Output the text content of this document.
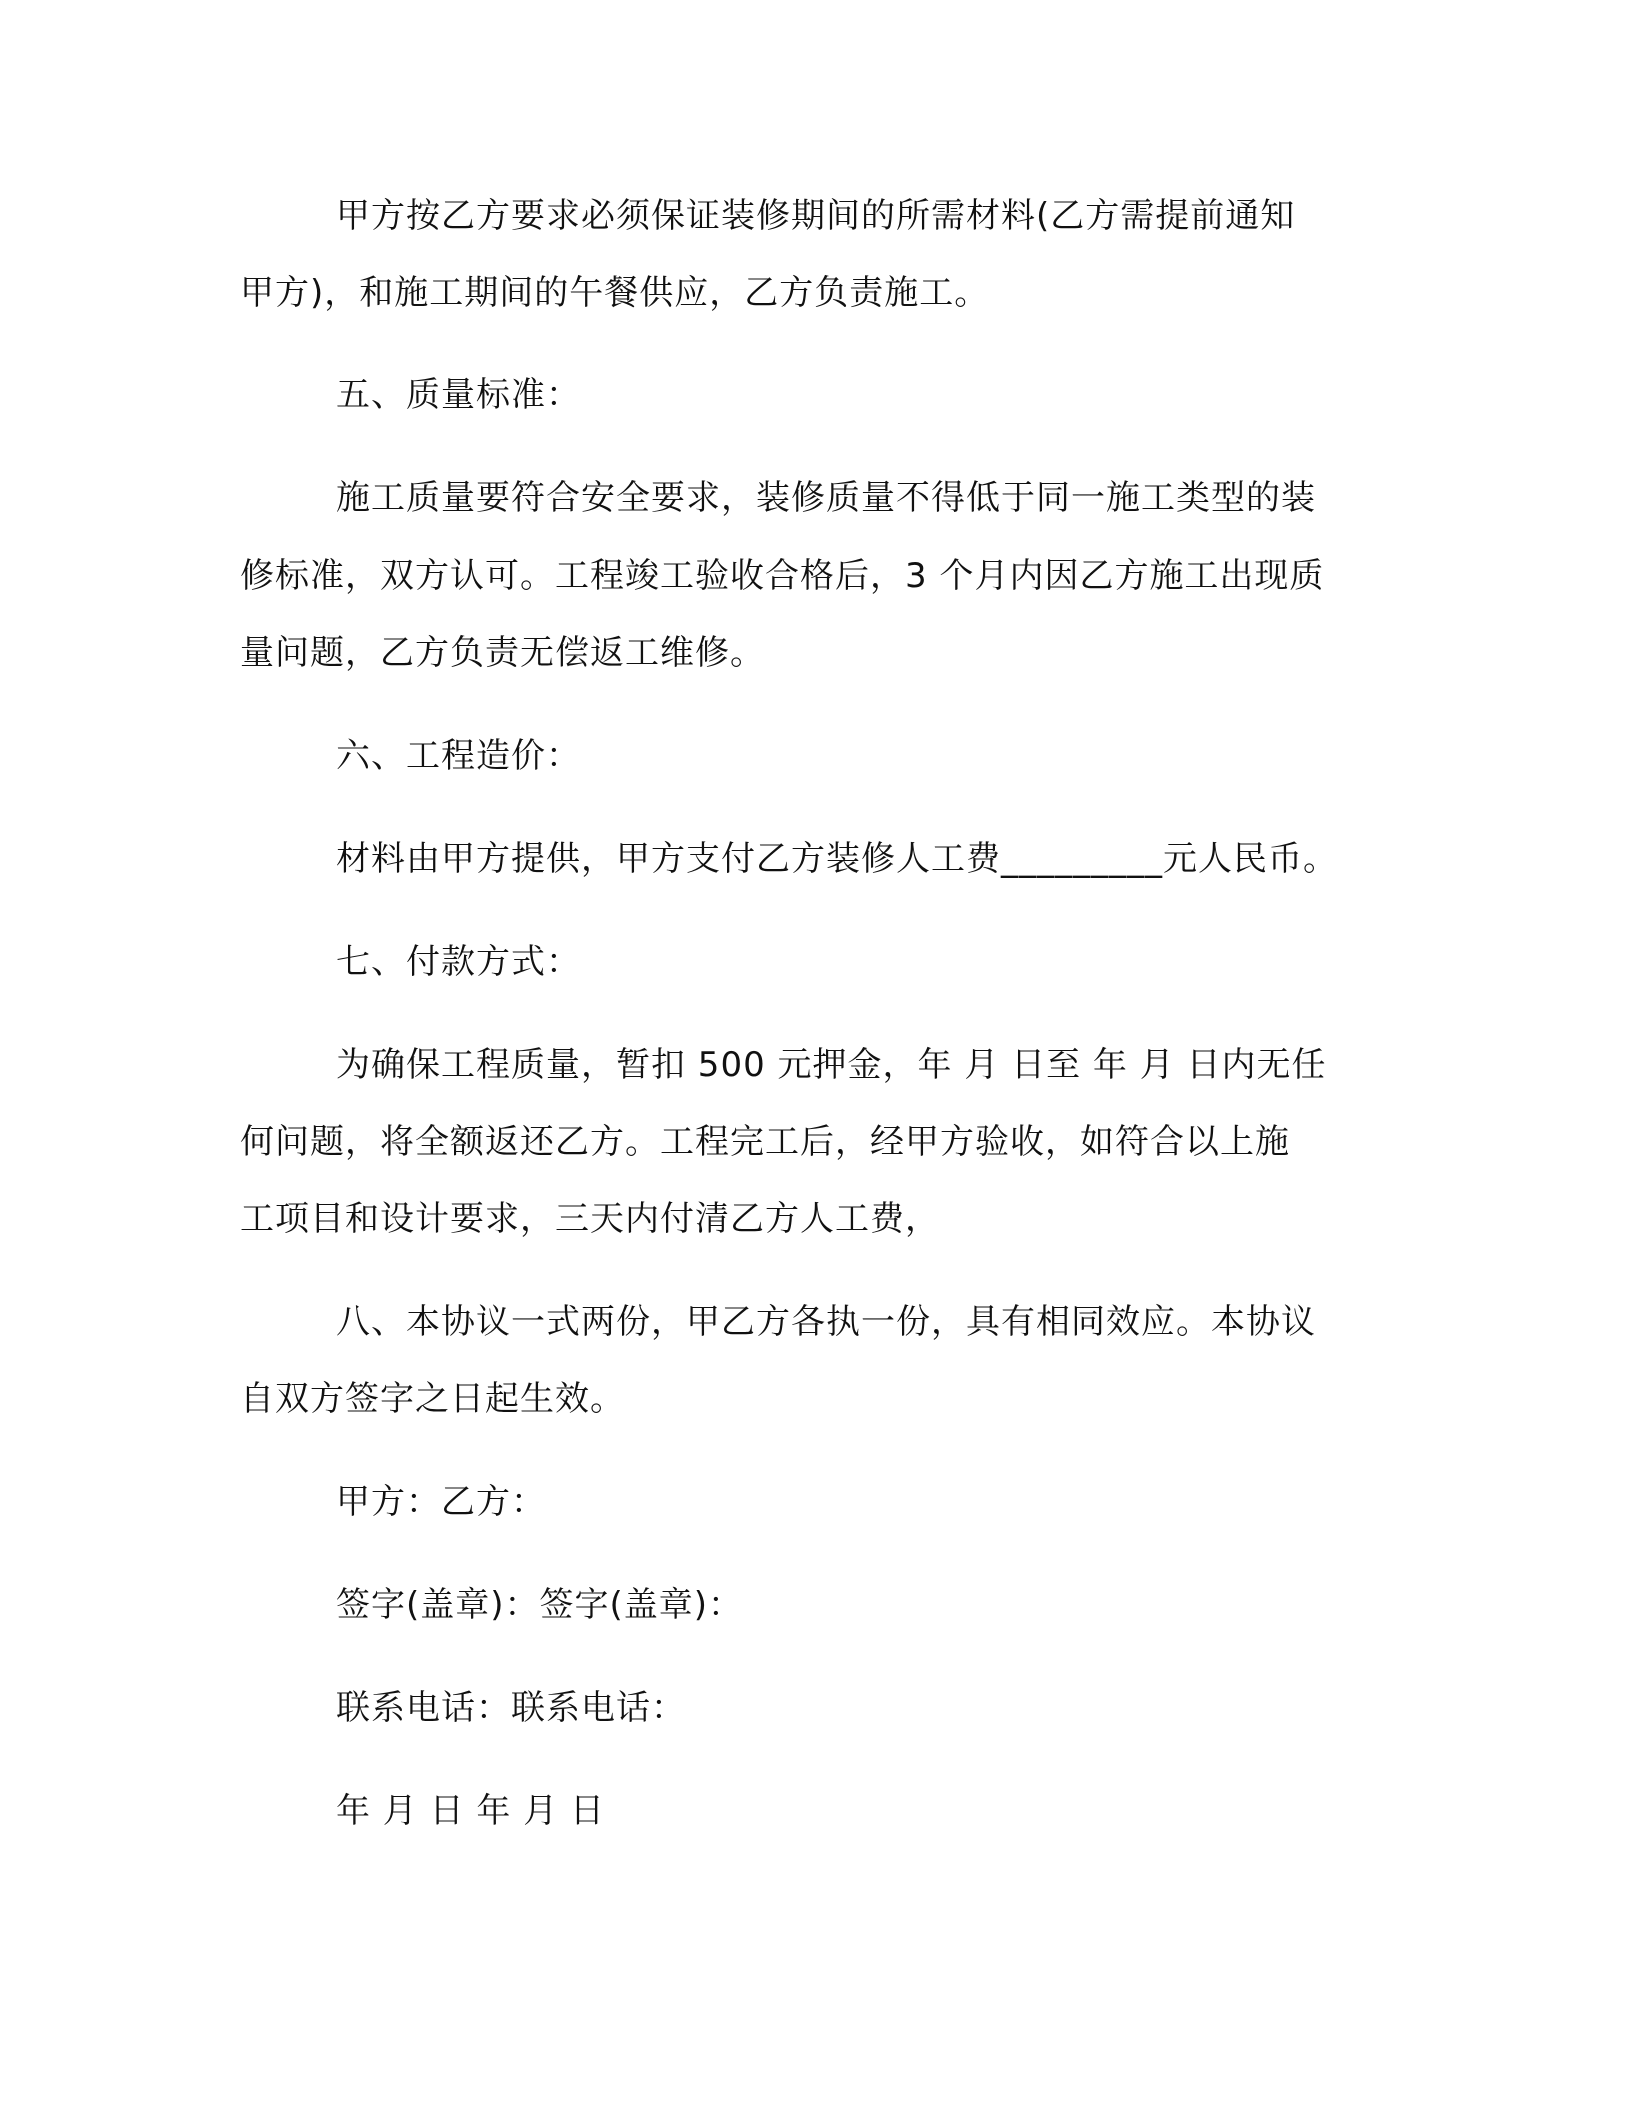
甲方按乙方要求必须保证装修期间的所需材料(乙方需提前通知
甲方)，和施工期间的午餐供应，乙方负责施工。
五、质量标准：
施工质量要符合安全要求，装修质量不得低于同一施工类型的装
修标准，双方认可。工程竣工验收合格后，3 个月内因乙方施工出现质
量问题，乙方负责无偿返工维修。
六、工程造价：
材料由甲方提供，甲方支付乙方装修人工费_________元人民币。
七、付款方式：
为确保工程质量，暂扣 500 元押金，年 月 日至 年 月 日内无任
何问题，将全额返还乙方。工程完工后，经甲方验收，如符合以上施
工项目和设计要求，三天内付清乙方人工费，
八、本协议一式两份，甲乙方各执一份，具有相同效应。本协议
自双方签字之日起生效。
甲方：乙方：
签字(盖章)：签字(盖章)：
联系电话：联系电话：
年 月 日 年 月 日
